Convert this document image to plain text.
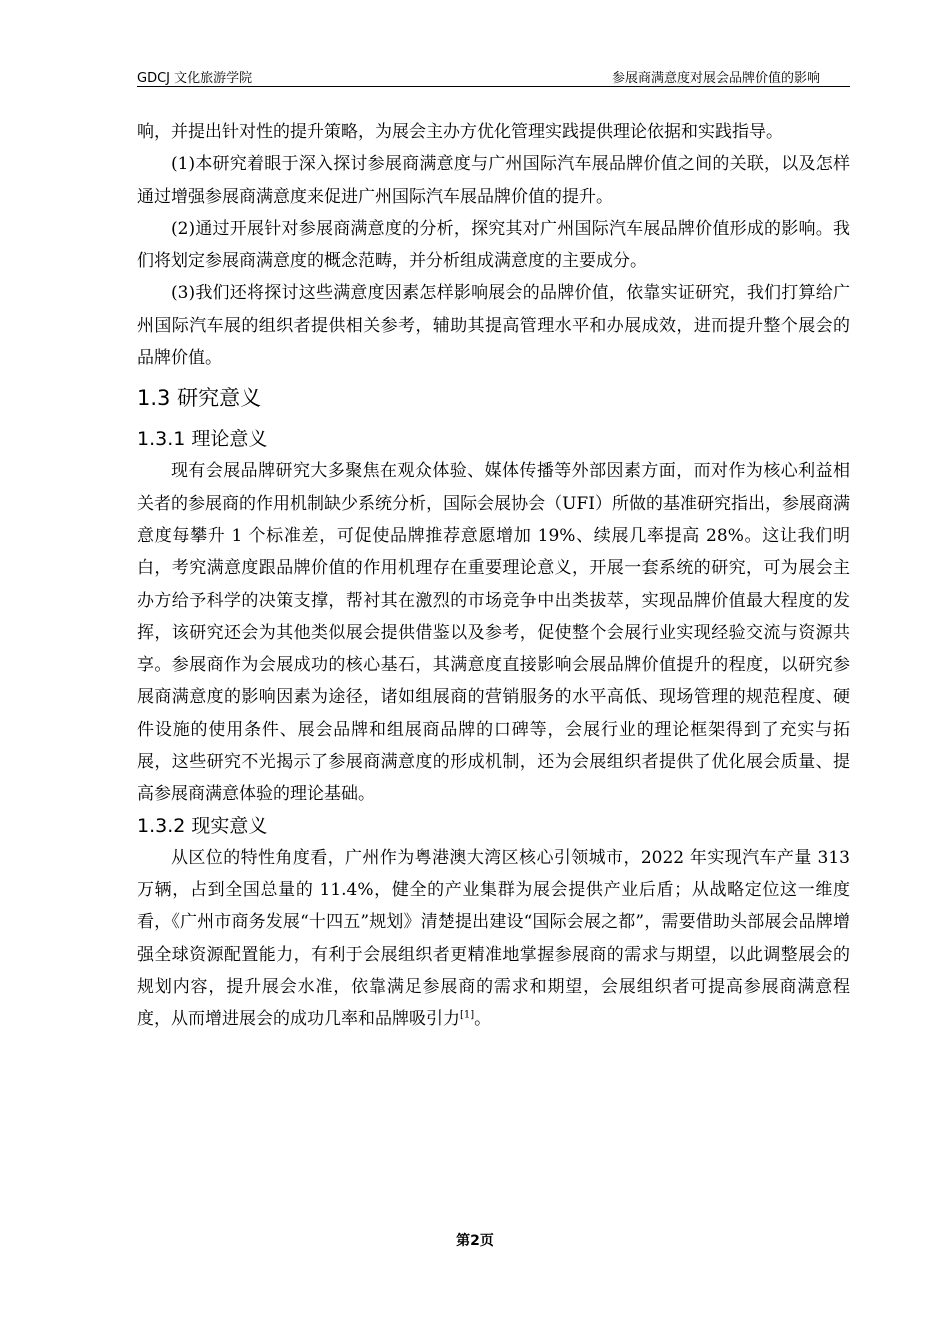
GDCJ 文化旅游学院	参展商满意度对展会品牌价值的影响

响，并提出针对性的提升策略，为展会主办方优化管理实践提供理论依据和实践指导。

(1)本研究着眼于深入探讨参展商满意度与广州国际汽车展品牌价值之间的关联，以及怎样通过增强参展商满意度来促进广州国际汽车展品牌价值的提升。

(2)通过开展针对参展商满意度的分析，探究其对广州国际汽车展品牌价值形成的影响。我们将划定参展商满意度的概念范畴，并分析组成满意度的主要成分。

(3)我们还将探讨这些满意度因素怎样影响展会的品牌价值，依靠实证研究，我们打算给广州国际汽车展的组织者提供相关参考，辅助其提高管理水平和办展成效，进而提升整个展会的品牌价值。

1.3 研究意义
1.3.1 理论意义

现有会展品牌研究大多聚焦在观众体验、媒体传播等外部因素方面，而对作为核心利益相关者的参展商的作用机制缺少系统分析，国际会展协会（UFI）所做的基准研究指出，参展商满意度每攀升 1 个标准差，可促使品牌推荐意愿增加 19%、续展几率提高 28%。这让我们明白，考究满意度跟品牌价值的作用机理存在重要理论意义，开展一套系统的研究，可为展会主办方给予科学的决策支撑，帮衬其在激烈的市场竞争中出类拔萃，实现品牌价值最大程度的发挥，该研究还会为其他类似展会提供借鉴以及参考，促使整个会展行业实现经验交流与资源共享。参展商作为会展成功的核心基石，其满意度直接影响会展品牌价值提升的程度，以研究参展商满意度的影响因素为途径，诸如组展商的营销服务的水平高低、现场管理的规范程度、硬件设施的使用条件、展会品牌和组展商品牌的口碑等，会展行业的理论框架得到了充实与拓展，这些研究不光揭示了参展商满意度的形成机制，还为会展组织者提供了优化展会质量、提高参展商满意体验的理论基础。

1.3.2 现实意义

从区位的特性角度看，广州作为粤港澳大湾区核心引领城市，2022 年实现汽车产量 313 万辆，占到全国总量的 11.4%，健全的产业集群为展会提供产业后盾；从战略定位这一维度看，《广州市商务发展“十四五”规划》清楚提出建设“国际会展之都”，需要借助头部展会品牌增强全球资源配置能力，有利于会展组织者更精准地掌握参展商的需求与期望，以此调整展会的规划内容，提升展会水准，依靠满足参展商的需求和期望，会展组织者可提高参展商满意程度，从而增进展会的成功几率和品牌吸引力[1]。

第2页
